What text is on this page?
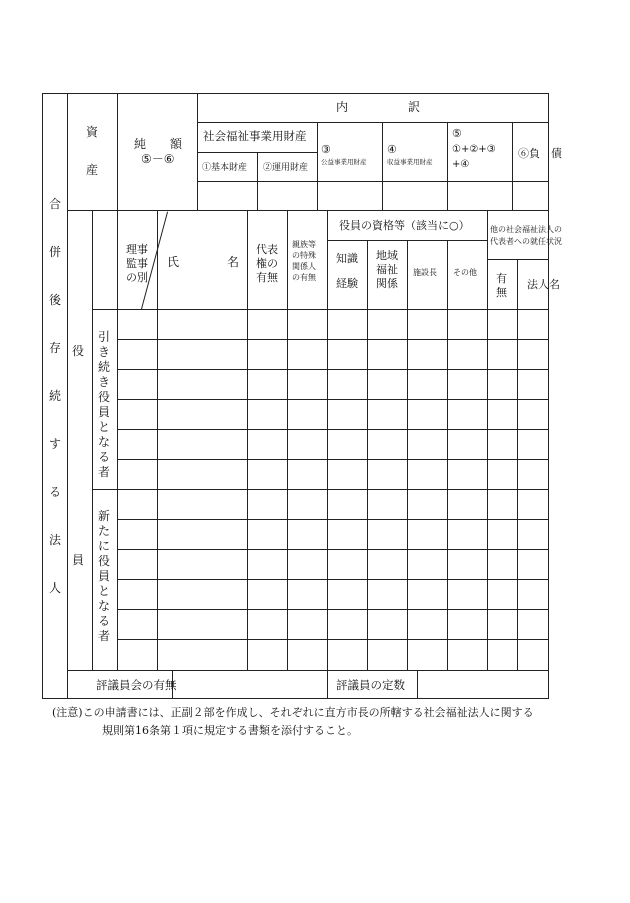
合
併
後
存
続
す
る
法
人
資
産
純　　額
⑤－⑥
内　　　　　訳
社会福祉事業用財産
①基本財産 ②運用財産
③
公益事業用財産
④
収益事業用財産
⑤
①+②+③
+④
⑥負　債
役
員
引
き
続
き
役
員
と
な
る
者
新
た
に
役
員
と
な
る
者
理事
監事
の別
氏	名
代表
権の
有無
親族等
の特殊
関係人
の有無
役員の資格等（該当に○）
知識
経験
地域
福祉
関係
施設長 その他
他の社会福祉法人の
代表者への就任状況
有
無
法人名
評議員会の有無	評議員の定数
(注意)この申請書には、正副２部を作成し、それぞれに直方市長の所轄する社会福祉法人に関する
規則第16条第１項に規定する書類を添付すること。
